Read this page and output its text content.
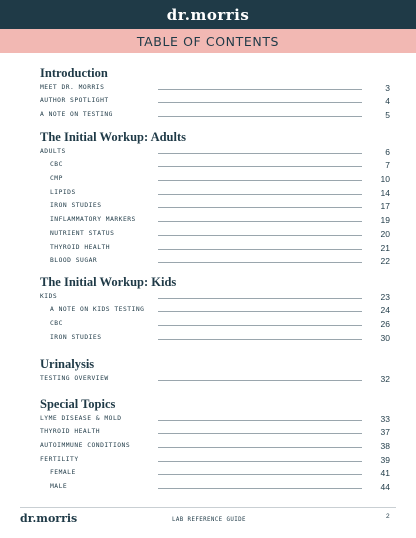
dr.morris
TABLE OF CONTENTS
Introduction
MEET DR. MORRIS	3
AUTHOR SPOTLIGHT	4
A NOTE ON TESTING	5
The Initial Workup: Adults
ADULTS	6
CBC	7
CMP	10
LIPIDS	14
IRON STUDIES	17
INFLAMMATORY MARKERS	19
NUTRIENT STATUS	20
THYROID HEALTH	21
BLOOD SUGAR	22
The Initial Workup: Kids
KIDS	23
A NOTE ON KIDS TESTING	24
CBC	26
IRON STUDIES	30
Urinalysis
TESTING OVERVIEW	32
Special Topics
LYME DISEASE & MOLD	33
THYROID HEALTH	37
AUTOIMMUNE CONDITIONS	38
FERTILITY	39
FEMALE	41
MALE	44
dr.morris	LAB REFERENCE GUIDE	2
